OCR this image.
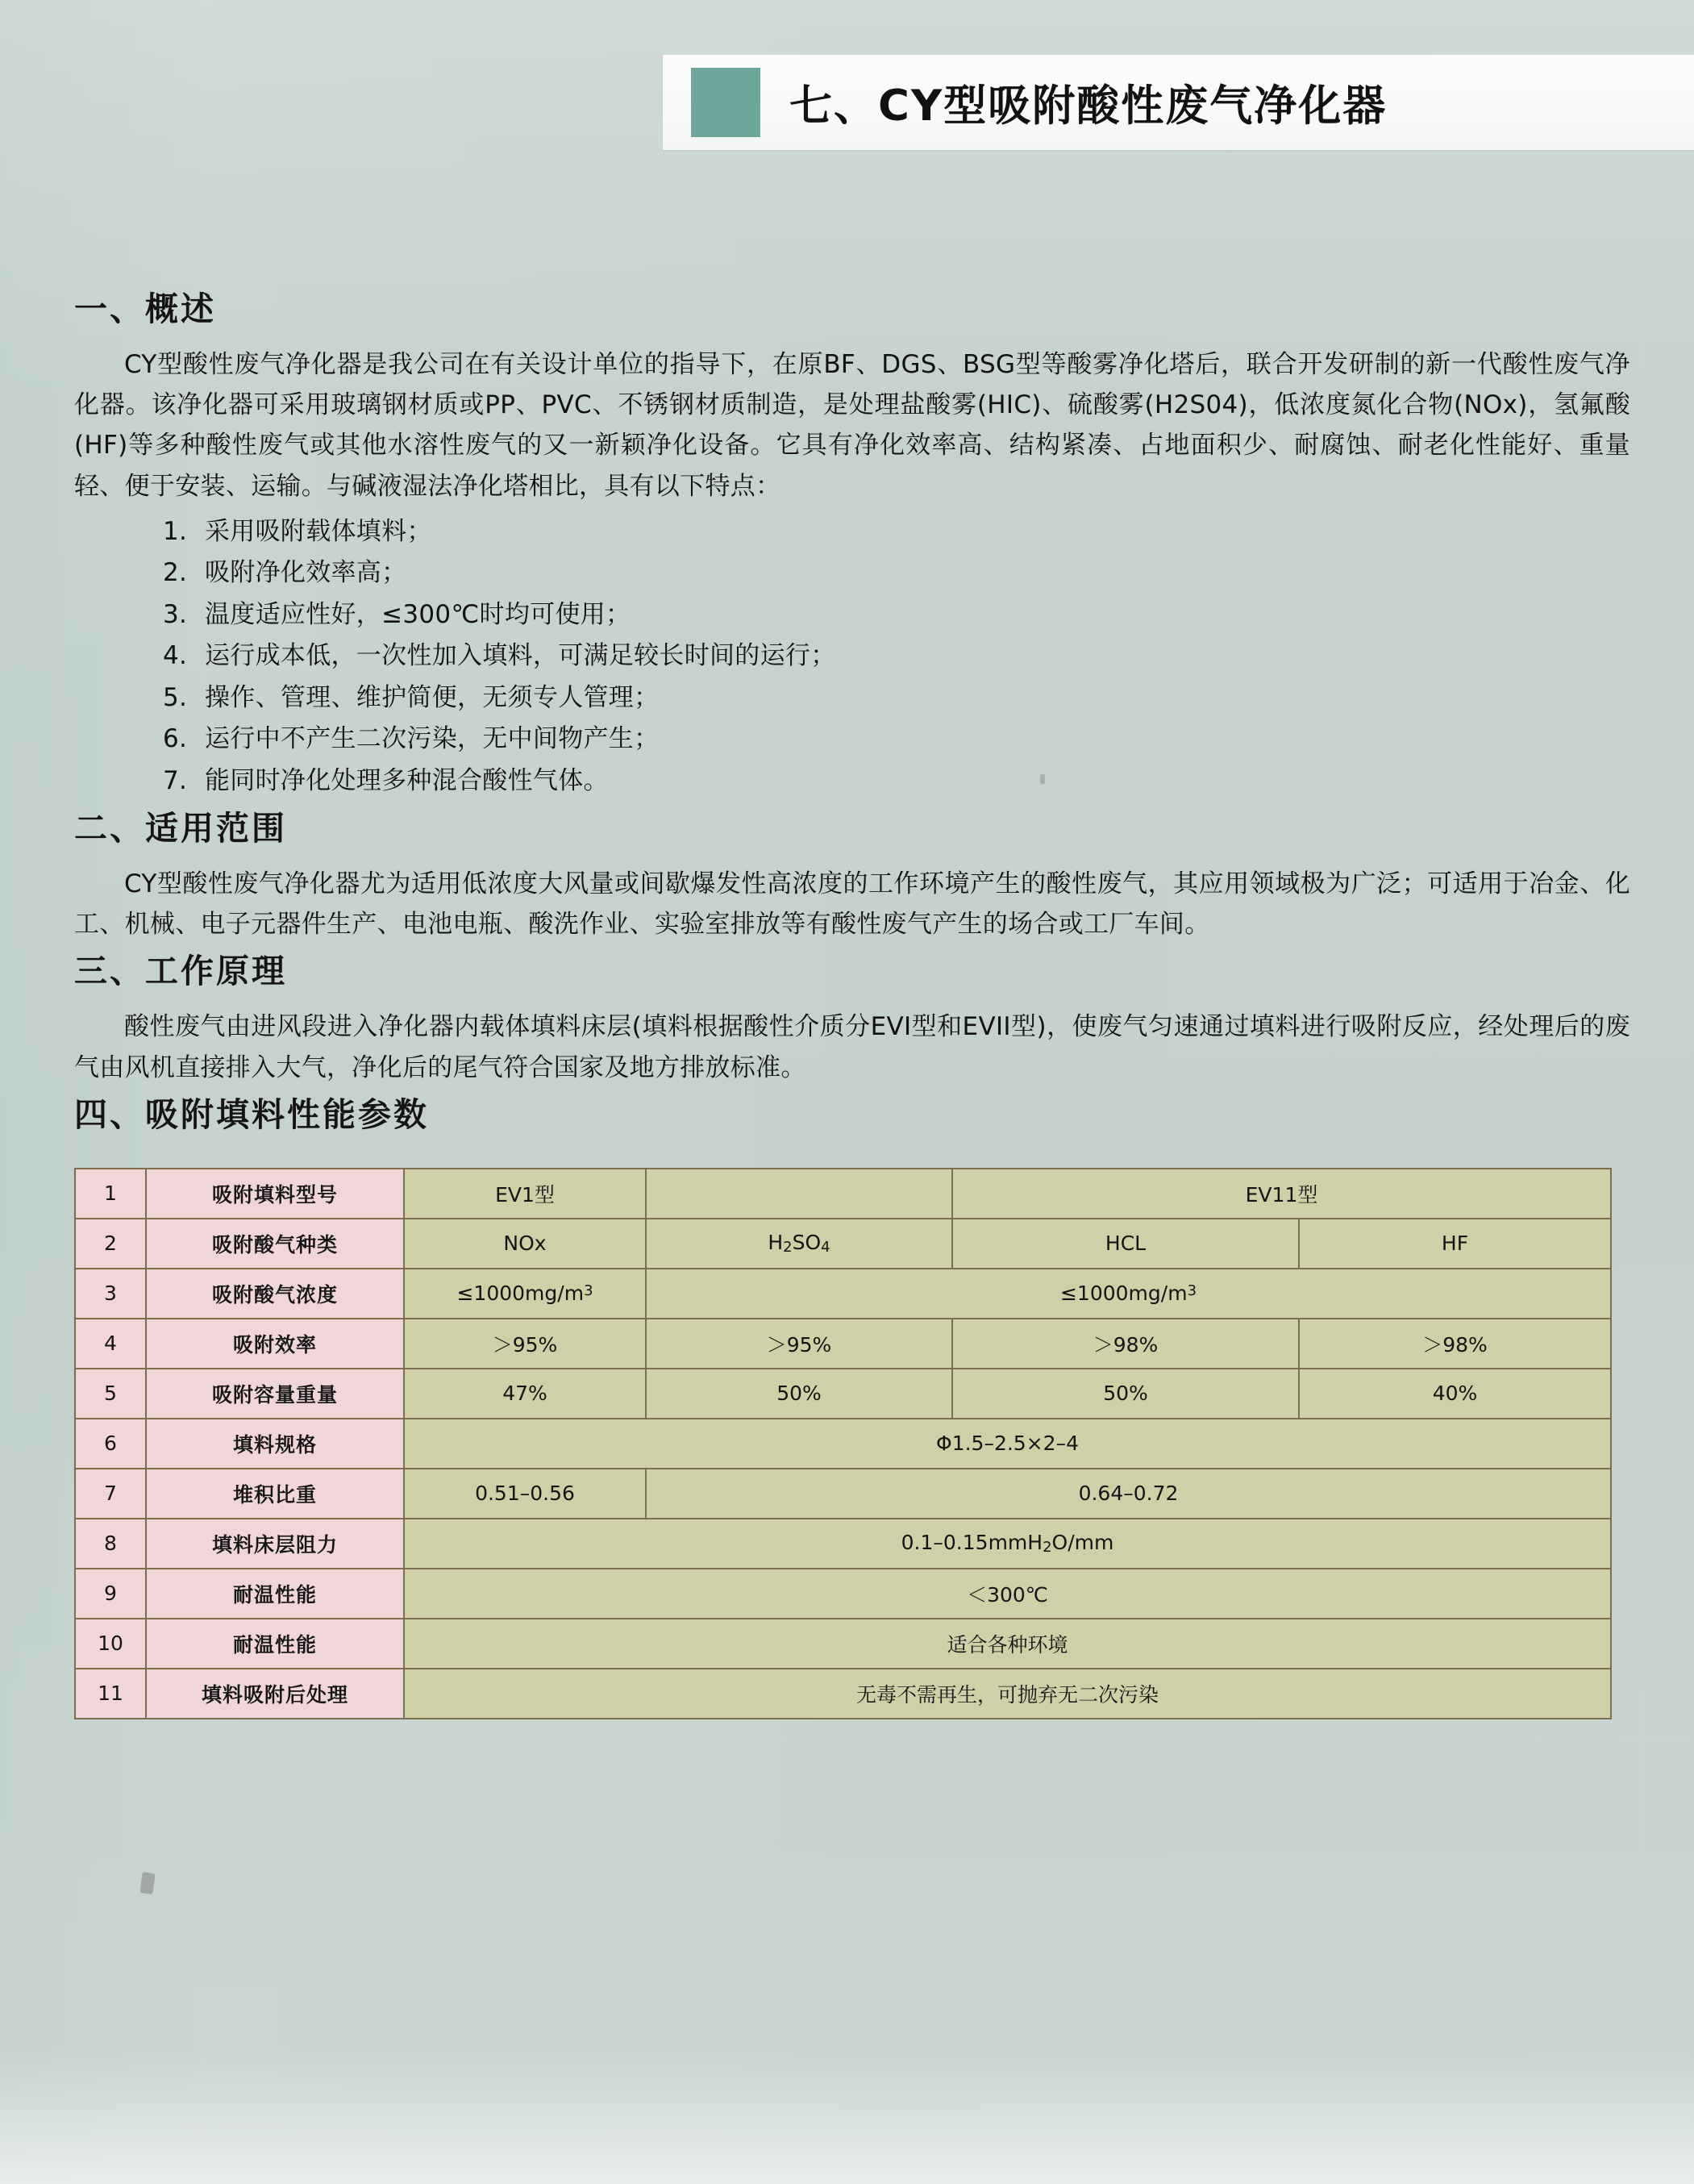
七、CY型吸附酸性废气净化器
一、概述

CY型酸性废气净化器是我公司在有关设计单位的指导下，在原BF、DGS、BSG型等酸雾净化塔后，联合开发研制的新一代酸性废气净化器。该净化器可采用玻璃钢材质或PP、PVC、不锈钢材质制造，是处理盐酸雾(HIC)、硫酸雾(H2S04)，低浓度氮化合物(NOx)，氢氟酸(HF)等多种酸性废气或其他水溶性废气的又一新颖净化设备。它具有净化效率高、结构紧凑、占地面积少、耐腐蚀、耐老化性能好、重量轻、便于安装、运输。与碱液湿法净化塔相比，具有以下特点：

1. 采用吸附载体填料；
2. 吸附净化效率高；
3. 温度适应性好，≤300℃时均可使用；
4. 运行成本低，一次性加入填料，可满足较长时间的运行；
5. 操作、管理、维护简便，无须专人管理；
6. 运行中不产生二次污染，无中间物产生；
7. 能同时净化处理多种混合酸性气体。
二、适用范围

CY型酸性废气净化器尤为适用低浓度大风量或间歇爆发性高浓度的工作环境产生的酸性废气，其应用领域极为广泛；可适用于冶金、化工、机械、电子元器件生产、电池电瓶、酸洗作业、实验室排放等有酸性废气产生的场合或工厂车间。

三、工作原理

酸性废气由进风段进入净化器内载体填料床层(填料根据酸性介质分EVI型和EVII型)，使废气匀速通过填料进行吸附反应，经处理后的废气由风机直接排入大气，净化后的尾气符合国家及地方排放标准。

四、吸附填料性能参数
1	吸附填料型号	EV1型		EV11型	
2	吸附酸气种类	NOx	$H_2SO_4$	HCL	HF
3	吸附酸气浓度	$\le 1000mg/m^3$	$\le 1000mg/m^3$
4	吸附效率	＞95%	＞95%	＞98%	＞98%
5	吸附容量重量	47%	50%	50%	40%
6	填料规格	Φ1.5–2.5×2–4			
7	堆积比重	0.51–0.56	0.64–0.72		
8	填料床层阻力	0.1–0.15mmH$_2$O/mm			
9	耐温性能	＜300℃			
10	耐温性能	适合各种环境			
11	填料吸附后处理	无毒不需再生，可抛弃无二次污染			
